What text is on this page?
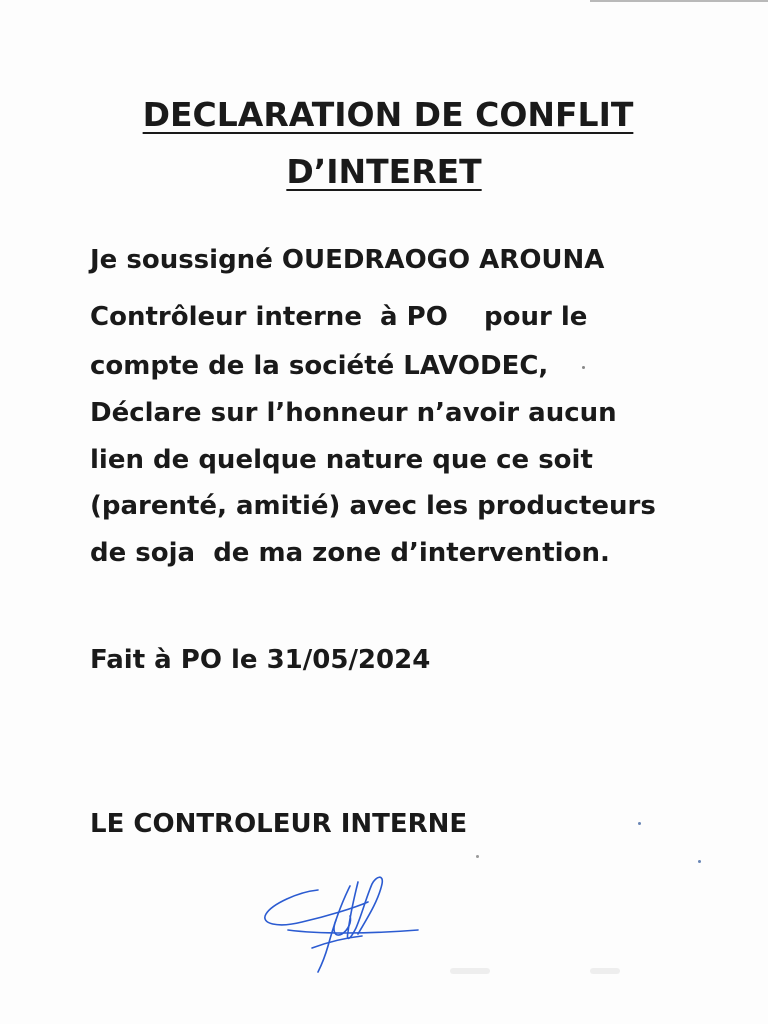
DECLARATION DE CONFLIT
D’INTERET
Je soussigné OUEDRAOGO AROUNA
Contrôleur interne  à PO    pour le
compte de la société LAVODEC,
Déclare sur l’honneur n’avoir aucun
lien de quelque nature que ce soit
(parenté, amitié) avec les producteurs
de soja  de ma zone d’intervention.
Fait à PO le 31/05/2024
LE CONTROLEUR INTERNE
